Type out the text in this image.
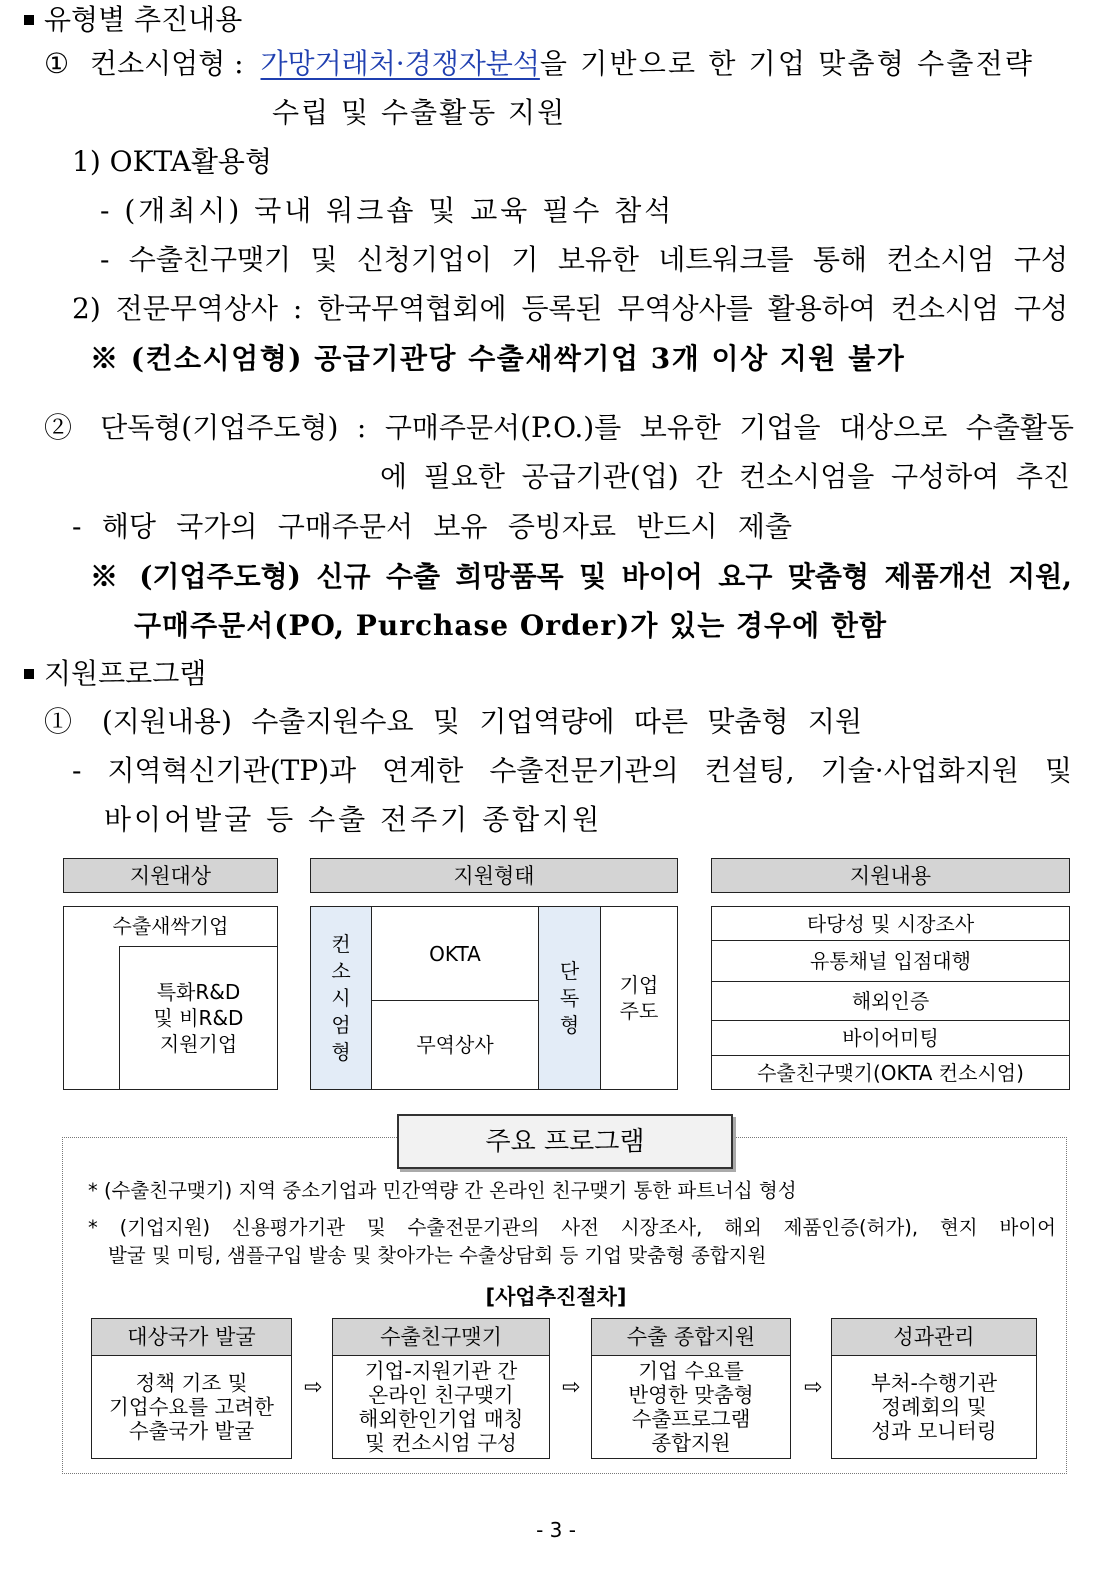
유형별 추진내용
① 컨소시엄형 : 가망거래처·경쟁자분석을 기반으로 한 기업 맞춤형 수출전략
수립 및 수출활동 지원
1) OKTA활용형
- (개최시) 국내 워크숍 및 교육 필수 참석
- 수출친구맺기 및 신청기업이 기 보유한 네트워크를 통해 컨소시엄 구성
2) 전문무역상사 : 한국무역협회에 등록된 무역상사를 활용하여 컨소시엄 구성
※ (컨소시엄형) 공급기관당 수출새싹기업 3개 이상 지원 불가
② 단독형(기업주도형) : 구매주문서(P.O.)를 보유한 기업을 대상으로 수출활동
에 필요한 공급기관(업) 간 컨소시엄을 구성하여 추진
- 해당 국가의 구매주문서 보유 증빙자료 반드시 제출
※ (기업주도형) 신규 수출 희망품목 및 바이어 요구 맞춤형 제품개선 지원,
구매주문서(PO, Purchase Order)가 있는 경우에 한함
지원프로그램
① (지원내용) 수출지원수요 및 기업역량에 따른 맞춤형 지원
- 지역혁신기관(TP)과 연계한 수출전문기관의 컨설팅, 기술·사업화지원 및
바이어발굴 등 수출 전주기 종합지원
지원대상	지원형태	지원내용
수출새싹기업
특화R&D
및 비R&D
지원기업
컨소시엄형
OKTA
무역상사
단독형
기업
주도
타당성 및 시장조사
유통채널 입점대행
해외인증
바이어미팅
수출친구맺기(OKTA 컨소시엄)
주요 프로그램
* (수출친구맺기) 지역 중소기업과 민간역량 간 온라인 친구맺기 통한 파트너십 형성
* (기업지원) 신용평가기관 및 수출전문기관의 사전 시장조사, 해외 제품인증(허가), 현지 바이어
발굴 및 미팅, 샘플구입 발송 및 찾아가는 수출상담회 등 기업 맞춤형 종합지원
[사업추진절차]
대상국가 발굴
정책 기조 및
기업수요를 고려한
수출국가 발굴
⇨
수출친구맺기
기업-지원기관 간
온라인 친구맺기
해외한인기업 매칭
및 컨소시엄 구성
⇨
수출 종합지원
기업 수요를
반영한 맞춤형
수출프로그램
종합지원
⇨
성과관리
부처-수행기관
정례회의 및
성과 모니터링
- 3 -
